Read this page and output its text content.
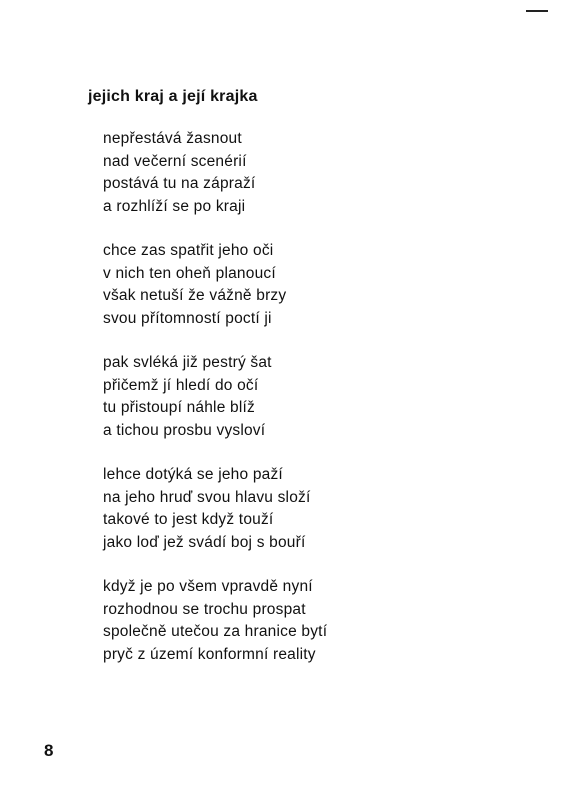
jejich kraj a její krajka
nepřestává žasnout
nad večerní scenérií
postává tu na zápraží
a rozhlíží se po kraji
chce zas spatřit jeho oči
v nich ten oheň planoucí
však netuší že vážně brzy
svou přítomností poctí ji
pak svléká již pestrý šat
přičemž jí hledí do očí
tu přistoupí náhle blíž
a tichou prosbu vysloví
lehce dotýká se jeho paží
na jeho hruď svou hlavu složí
takové to jest když touží
jako loď jež svádí boj s bouří
když je po všem vpravdě nyní
rozhodnou se trochu prospat
společně utečou za hranice bytí
pryč z území konformní reality
8
